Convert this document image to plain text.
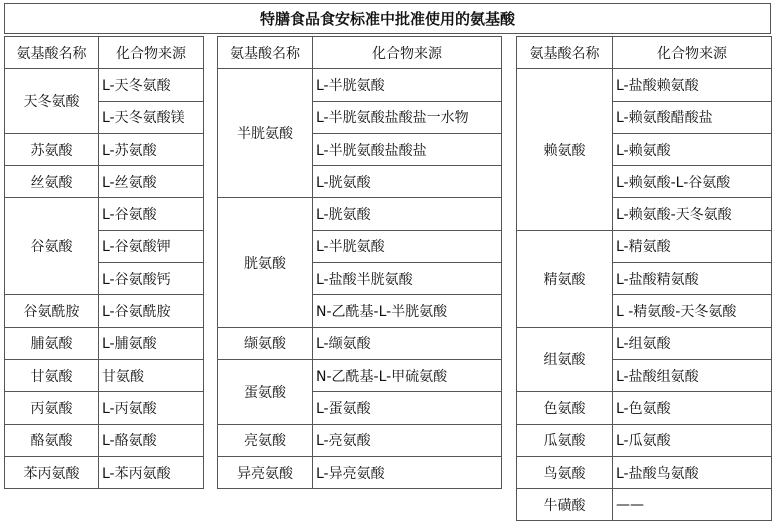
特膳食品食安标准中批准使用的氨基酸
氨基酸名称	化合物来源
天冬氨酸	L-天冬氨酸
	L-天冬氨酸镁
苏氨酸	L-苏氨酸
丝氨酸	L-丝氨酸
谷氨酸	L-谷氨酸
	L-谷氨酸钾
	L-谷氨酸钙
谷氨酰胺	L-谷氨酰胺
脯氨酸	L-脯氨酸
甘氨酸	甘氨酸
丙氨酸	L-丙氨酸
酪氨酸	L-酪氨酸
苯丙氨酸	L-苯丙氨酸
氨基酸名称	化合物来源
半胱氨酸	L-半胱氨酸
	L-半胱氨酸盐酸盐一水物
	L-半胱氨酸盐酸盐
	L-胱氨酸
胱氨酸	L-胱氨酸
	L-半胱氨酸
	L-盐酸半胱氨酸
	N-乙酰基-L-半胱氨酸
缬氨酸	L-缬氨酸
蛋氨酸	N-乙酰基-L-甲硫氨酸
	L-蛋氨酸
亮氨酸	L-亮氨酸
异亮氨酸	L-异亮氨酸
氨基酸名称	化合物来源
赖氨酸	L-盐酸赖氨酸
	L-赖氨酸醋酸盐
	L-赖氨酸
	L-赖氨酸-L-谷氨酸
	L-赖氨酸-天冬氨酸
精氨酸	L-精氨酸
	L-盐酸精氨酸
	L -精氨酸-天冬氨酸
组氨酸	L-组氨酸
	L-盐酸组氨酸
色氨酸	L-色氨酸
瓜氨酸	L-瓜氨酸
鸟氨酸	L-盐酸鸟氨酸
牛磺酸	——
